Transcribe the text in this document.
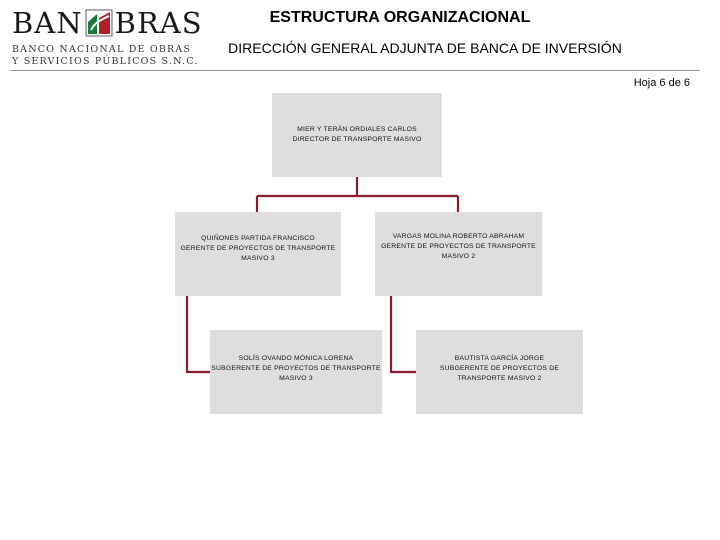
BAN BRAS
BANCO NACIONAL DE OBRAS
Y SERVICIOS PÚBLICOS S.N.C.
ESTRUCTURA ORGANIZACIONAL
DIRECCIÓN GENERAL ADJUNTA DE BANCA DE INVERSIÓN
Hoja 6 de 6
MIER Y TERÁN ORDIALES CARLOS
DIRECTOR DE TRANSPORTE MASIVO
QUIÑONES PARTIDA FRANCISCO
GERENTE DE PROYECTOS DE TRANSPORTE MASIVO 3
VARGAS MOLINA ROBERTO ABRAHAM
GERENTE DE PROYECTOS DE TRANSPORTE MASIVO 2
SOLÍS OVANDO MÓNICA LORENA
SUBGERENTE DE PROYECTOS DE TRANSPORTE MASIVO 3
BAUTISTA GARCÍA JORGE
SUBGERENTE DE PROYECTOS DE TRANSPORTE MASIVO 2
